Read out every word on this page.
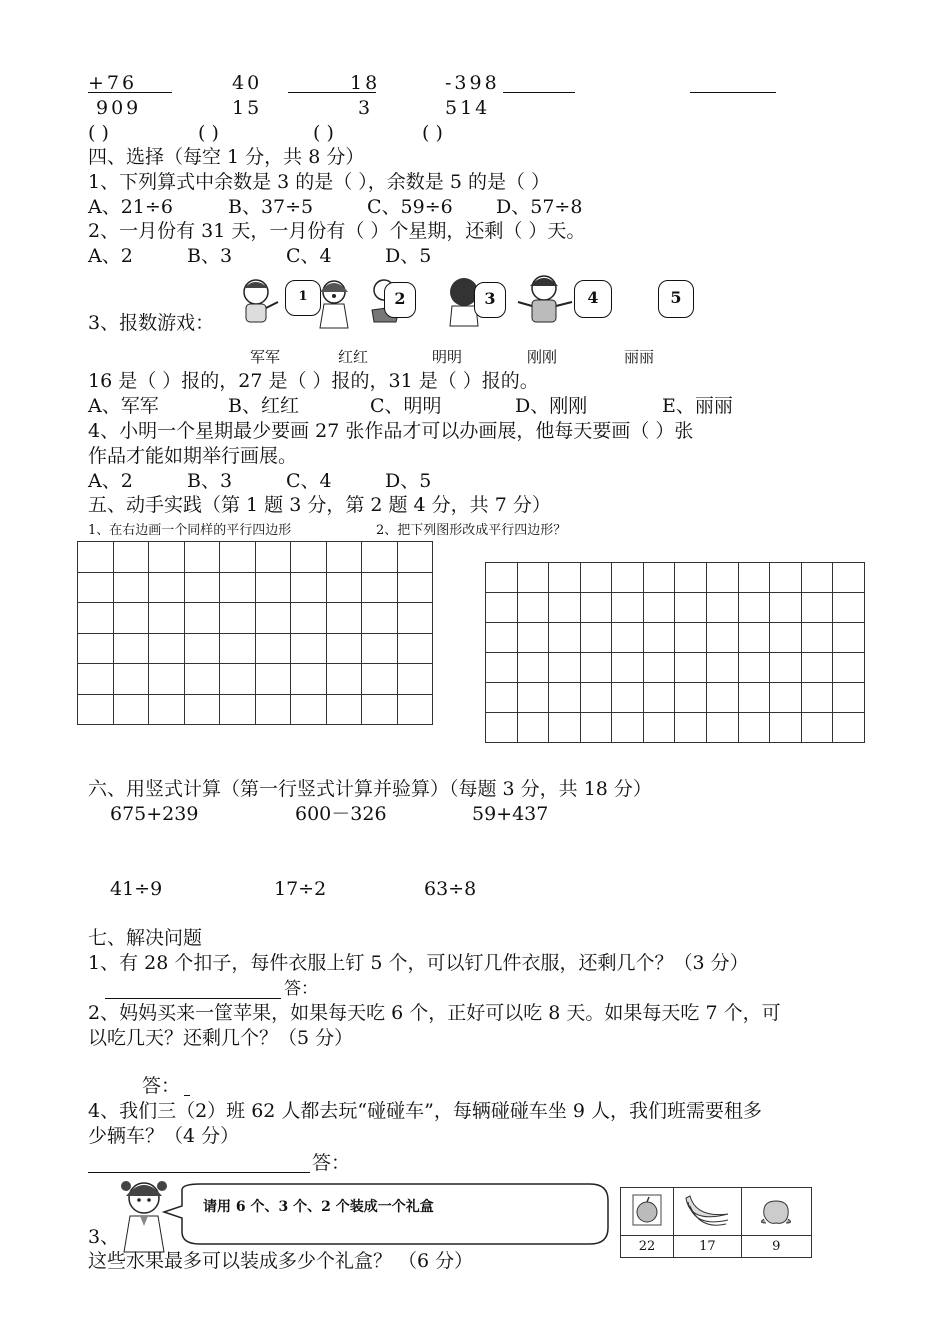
+76	40	18	-398
909	15	3	514
( )	( )	( )	( )
四、选择（每空 1 分，共 8 分）
1、下列算式中余数是 3 的是（ ），余数是 5 的是（ ）
A、21÷6	B、37÷5	C、59÷6 D、57÷8
2、一月份有 31 天，一月份有（ ）个星期，还剩（ ）天。
A、2	B、3	C、4	D、5
3、报数游戏：
1	2	3	4	5
军军	红红	明明	刚刚	丽丽
16 是（ ）报的，27 是（ ）报的，31 是（ ）报的。
A、军军	B、红红	C、明明	D、刚刚	E、丽丽
4、小明一个星期最少要画 27 张作品才可以办画展，他每天要画（ ）张
作品才能如期举行画展。
A、2	B、3	C、4	D、5
五、动手实践（第 1 题 3 分，第 2 题 4 分，共 7 分）
1、在右边画一个同样的平行四边形	2、把下列图形改成平行四边形？

六、用竖式计算（第一行竖式计算并验算）（每题 3 分，共 18 分）
675+239	600－326	59+437
41÷9	17÷2	63÷8
七、解决问题
1、有 28 个扣子，每件衣服上钉 5 个，可以钉几件衣服，还剩几个？（3 分）
答：
2、妈妈买来一筐苹果，如果每天吃 6 个，正好可以吃 8 天。如果每天吃 7 个，可
以吃几天？还剩几个？（5 分）
答：
4、我们三（2）班 62 人都去玩“碰碰车”，每辆碰碰车坐 9 人，我们班需要租多
少辆车？（4 分）
答：
请用 6 个、3 个、2 个装成一个礼盒
3、
这些水果最多可以装成多少个礼盒？ （6 分）

22	17	9
